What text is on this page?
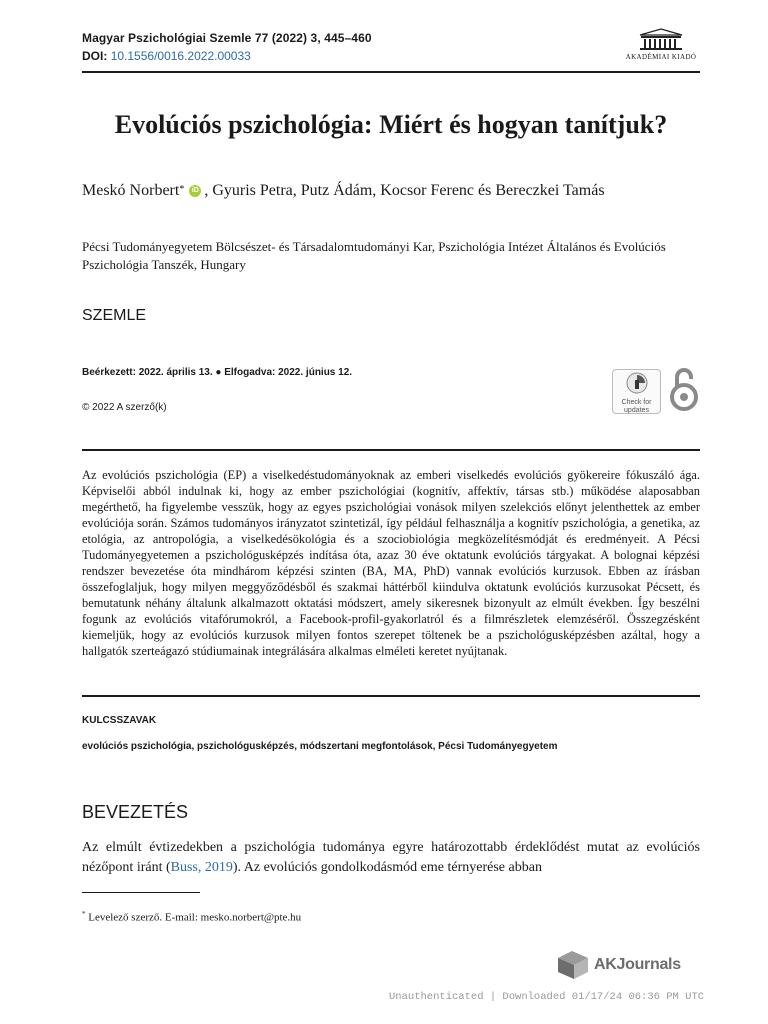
Magyar Pszichológiai Szemle 77 (2022) 3, 445–460
DOI: 10.1556/0016.2022.00033	AKADÉMIAI KIADÓ
Evolúciós pszichológia: Miért és hogyan tanítjuk?
Meskó Norbert*	iD , Gyuris Petra, Putz Ádám, Kocsor Ferenc és Bereczkei Tamás
Pécsi Tudományegyetem Bölcsészet- és Társadalomtudományi Kar, Pszichológia Intézet Általános és Evolúciós Pszichológia Tanszék, Hungary
SZEMLE
Beérkezett: 2022. április 13. ● Elfogadva: 2022. június 12.
© 2022 A szerző(k)	Check for updates
Az evolúciós pszichológia (EP) a viselkedéstudományoknak az emberi viselkedés evolúciós gyökereire fókuszáló ága. Képviselői abból indulnak ki, hogy az ember pszichológiai (kognitív, affektív, társas stb.) működése alaposabban megérthető, ha figyelembe vesszük, hogy az egyes pszichológiai vonások milyen szelekciós előnyt jelenthettek az ember evolúciója során. Számos tudományos irányzatot szintetizál, így például felhasználja a kognitív pszichológia, a genetika, az etológia, az antropológia, a viselkedésökológia és a szociobiológia megközelítésmódját és eredményeit. A Pécsi Tudományegyetemen a pszichológusképzés indítása óta, azaz 30 éve oktatunk evolúciós tárgyakat. A bolognai képzési rendszer bevezetése óta mindhárom képzési szinten (BA, MA, PhD) vannak evolúciós kurzusok. Ebben az írásban összefoglaljuk, hogy milyen meggyőződésből és szakmai háttérből kiindulva oktatunk evolúciós kurzusokat Pécsett, és bemutatunk néhány általunk alkalmazott oktatási módszert, amely sikeresnek bizonyult az elmúlt években. Így beszélni fogunk az evolúciós vitafórumokról, a Facebook-profil-gyakorlatról és a filmrészletek elemzéséről. Összegzésként kiemeljük, hogy az evolúciós kurzusok milyen fontos szerepet töltenek be a pszichológusképzésben azáltal, hogy a hallgatók szerteágazó stúdiumainak integrálására alkalmas elméleti keretet nyújtanak.
KULCSSZAVAK
evolúciós pszichológia, pszichológusképzés, módszertani megfontolások, Pécsi Tudományegyetem
BEVEZETÉS
Az elmúlt évtizedekben a pszichológia tudománya egyre határozottabb érdeklődést mutat az evolúciós nézőpont iránt (Buss, 2019). Az evolúciós gondolkodásmód eme térnyerése abban
* Levelező szerző. E-mail: mesko.norbert@pte.hu
AKJournals
Unauthenticated | Downloaded 01/17/24 06:36 PM UTC
